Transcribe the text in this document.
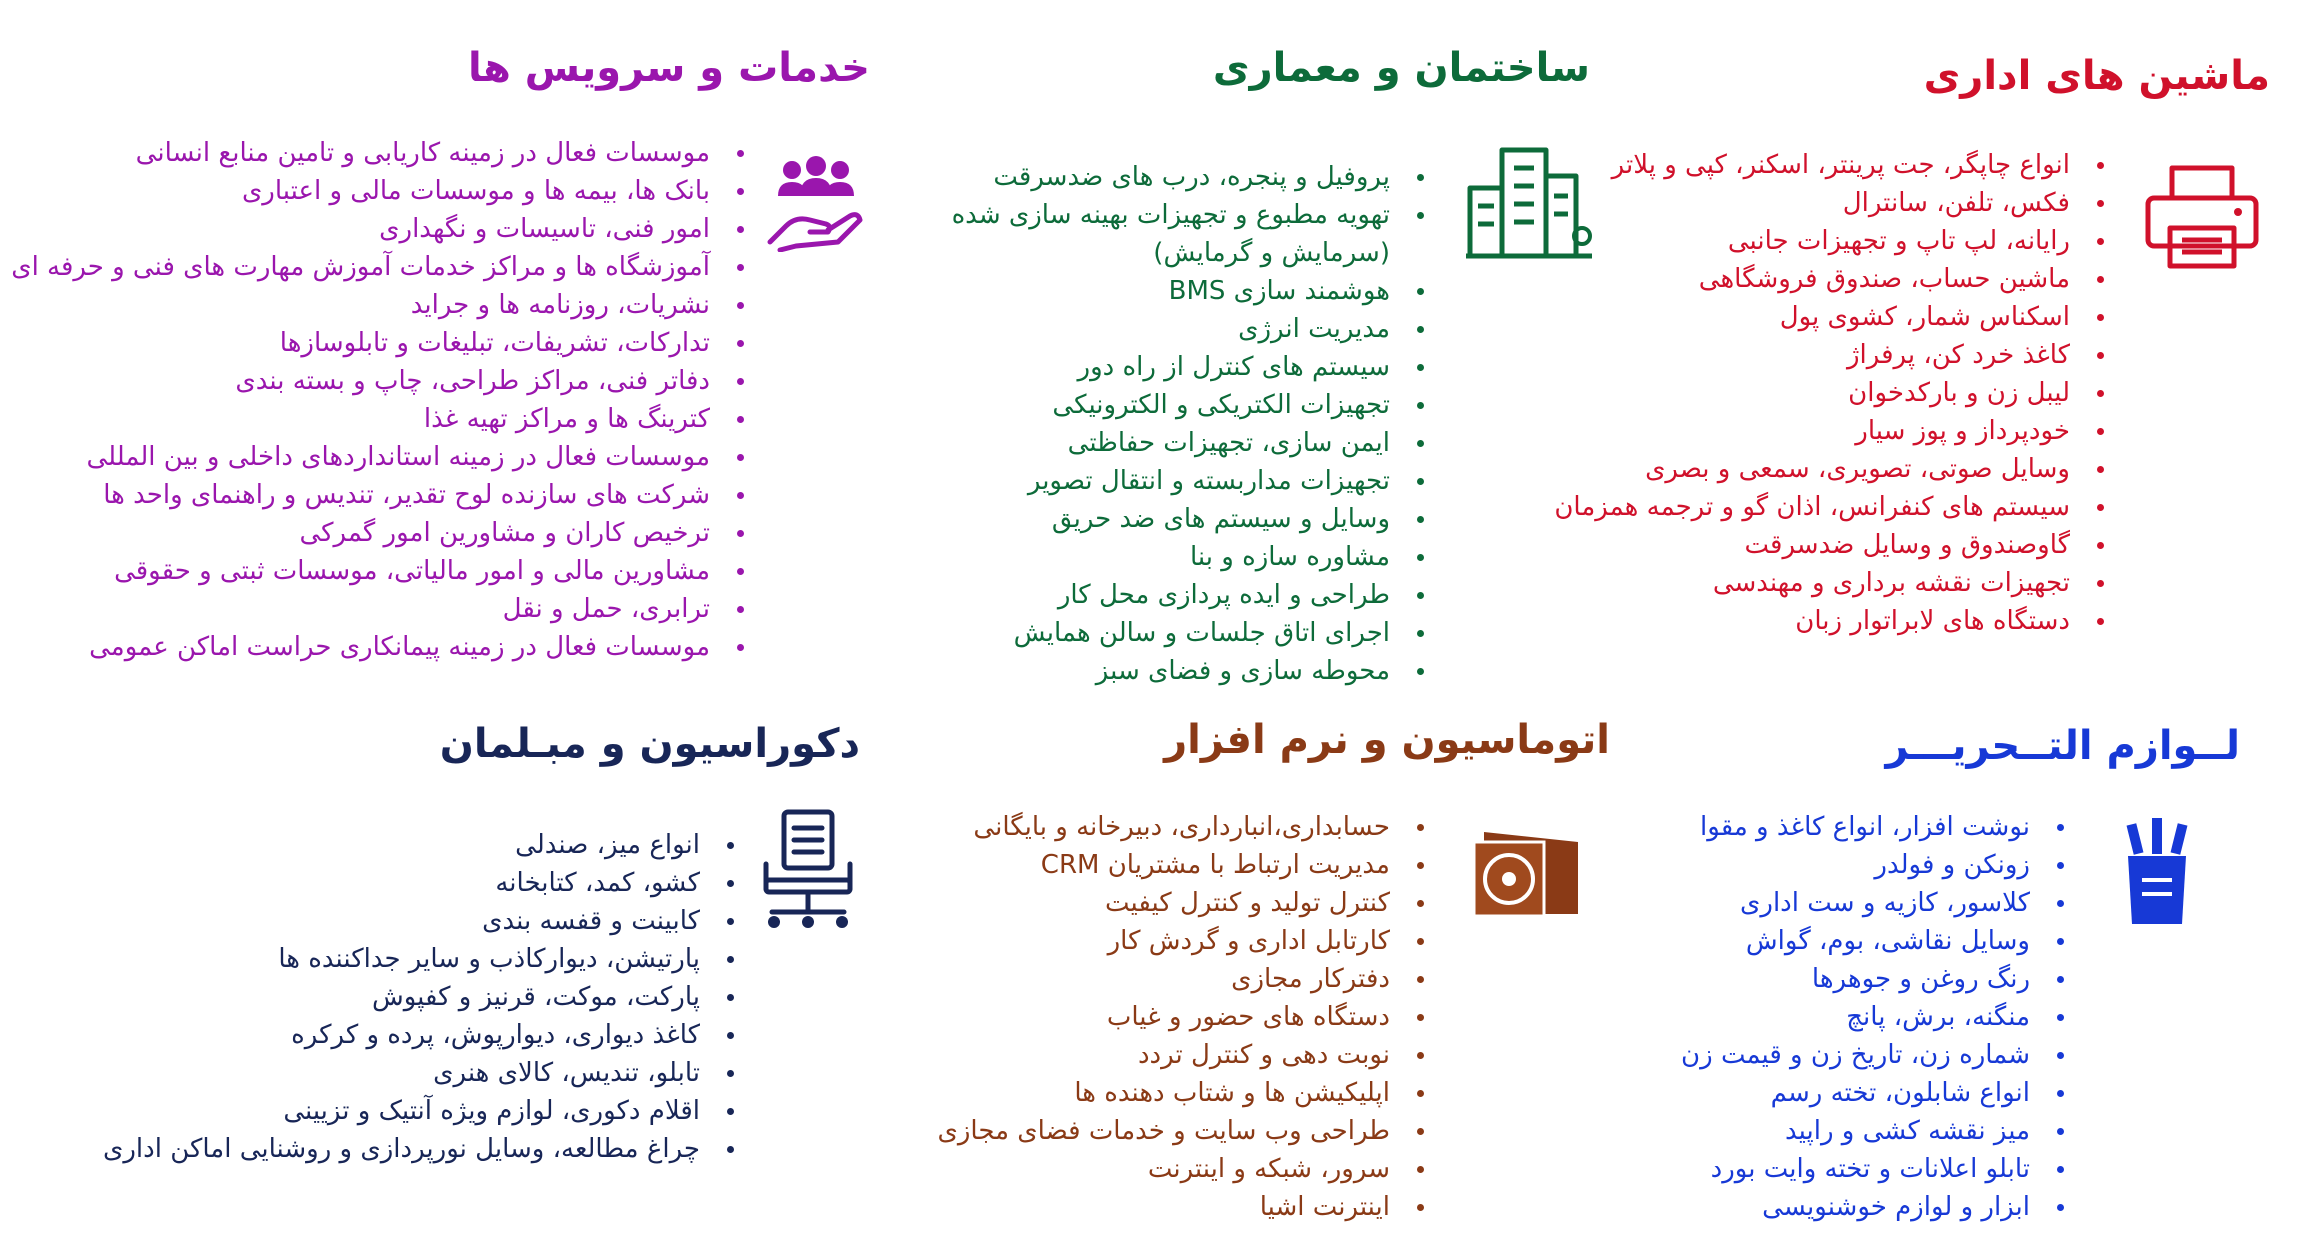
ماشین های اداری
انواع چاپگر، جت پرینتر، اسکنر، کپی و پلاتر
فکس، تلفن، سانترال
رایانه، لپ تاپ و تجهیزات جانبی
ماشین حساب، صندوق فروشگاهی
اسکناس شمار، کشوی پول
کاغذ خرد کن، پرفراژ
لیبل زن و بارکدخوان
خودپرداز و پوز سیار
وسایل صوتی، تصویری، سمعی و بصری
سیستم های کنفرانس، اذان گو و ترجمه همزمان
گاوصندوق و وسایل ضدسرقت
تجهیزات نقشه برداری و مهندسی
دستگاه های لابراتوار زبان
ساختمان و معماری
پروفیل و پنجره، درب های ضدسرقت
تهویه مطبوع و تجهیزات بهینه سازی شده (سرمایش و گرمایش)
هوشمند سازی BMS
مدیریت انرژی
سیستم های کنترل از راه دور
تجهیزات الکتریکی و الکترونیکی
ایمن سازی، تجهیزات حفاظتی
تجهیزات مداربسته و انتقال تصویر
وسایل و سیستم های ضد حریق
مشاوره سازه و بنا
طراحی و ایده پردازی محل کار
اجرای اتاق جلسات و سالن همایش
محوطه سازی و فضای سبز
خدمات و سرویس ها
موسسات فعال در زمینه کاریابی و تامین منابع انسانی
بانک ها، بیمه ها و موسسات مالی و اعتباری
امور فنی، تاسیسات و نگهداری
آموزشگاه ها و مراکز خدمات آموزش مهارت های فنی و حرفه ای
نشریات، روزنامه ها و جراید
تدارکات، تشریفات، تبلیغات و تابلوسازها
دفاتر فنی، مراکز طراحی، چاپ و بسته بندی
کترینگ ها و مراکز تهیه غذا
موسسات فعال در زمینه استانداردهای داخلی و بین المللی
شرکت های سازنده لوح تقدیر، تندیس و راهنمای واحد ها
ترخیص کاران و مشاورین امور گمرکی
مشاورین مالی و امور مالیاتی، موسسات ثبتی و حقوقی
ترابری، حمل و نقل
موسسات فعال در زمینه پیمانکاری حراست اماکن عمومی
لــوازم التــحریـــر
نوشت افزار، انواع کاغذ و مقوا
زونکن و فولدر
کلاسور، کازیه و ست اداری
وسایل نقاشی، بوم، گواش
رنگ روغن و جوهرها
منگنه، برش، پانچ
شماره زن، تاریخ زن و قیمت زن
انواع شابلون، تخته رسم
میز نقشه کشی و راپید
تابلو اعلانات و تخته وایت بورد
ابزار و لوازم خوشنویسی
اتوماسیون و نرم افزار
حسابداری،انبارداری، دبیرخانه و بایگانی
مدیریت ارتباط با مشتریان CRM
کنترل تولید و کنترل کیفیت
کارتابل اداری و گردش کار
دفترکار مجازی
دستگاه های حضور و غیاب
نوبت دهی و کنترل تردد
اپلیکیشن ها و شتاب دهنده ها
طراحی وب سایت و خدمات فضای مجازی
سرور، شبکه و اینترنت
اینترنت اشیا
دکوراسیون و مبـلمان
انواع میز، صندلی
کشو، کمد، کتابخانه
کابینت و قفسه بندی
پارتیشن، دیوارکاذب و سایر جداکننده ها
پارکت، موکت، قرنیز و کفپوش
کاغذ دیواری، دیوارپوش، پرده و کرکره
تابلو، تندیس، کالای هنری
اقلام دکوری، لوازم ویژه آنتیک و تزیینی
چراغ مطالعه، وسایل نورپردازی و روشنایی اماکن اداری
